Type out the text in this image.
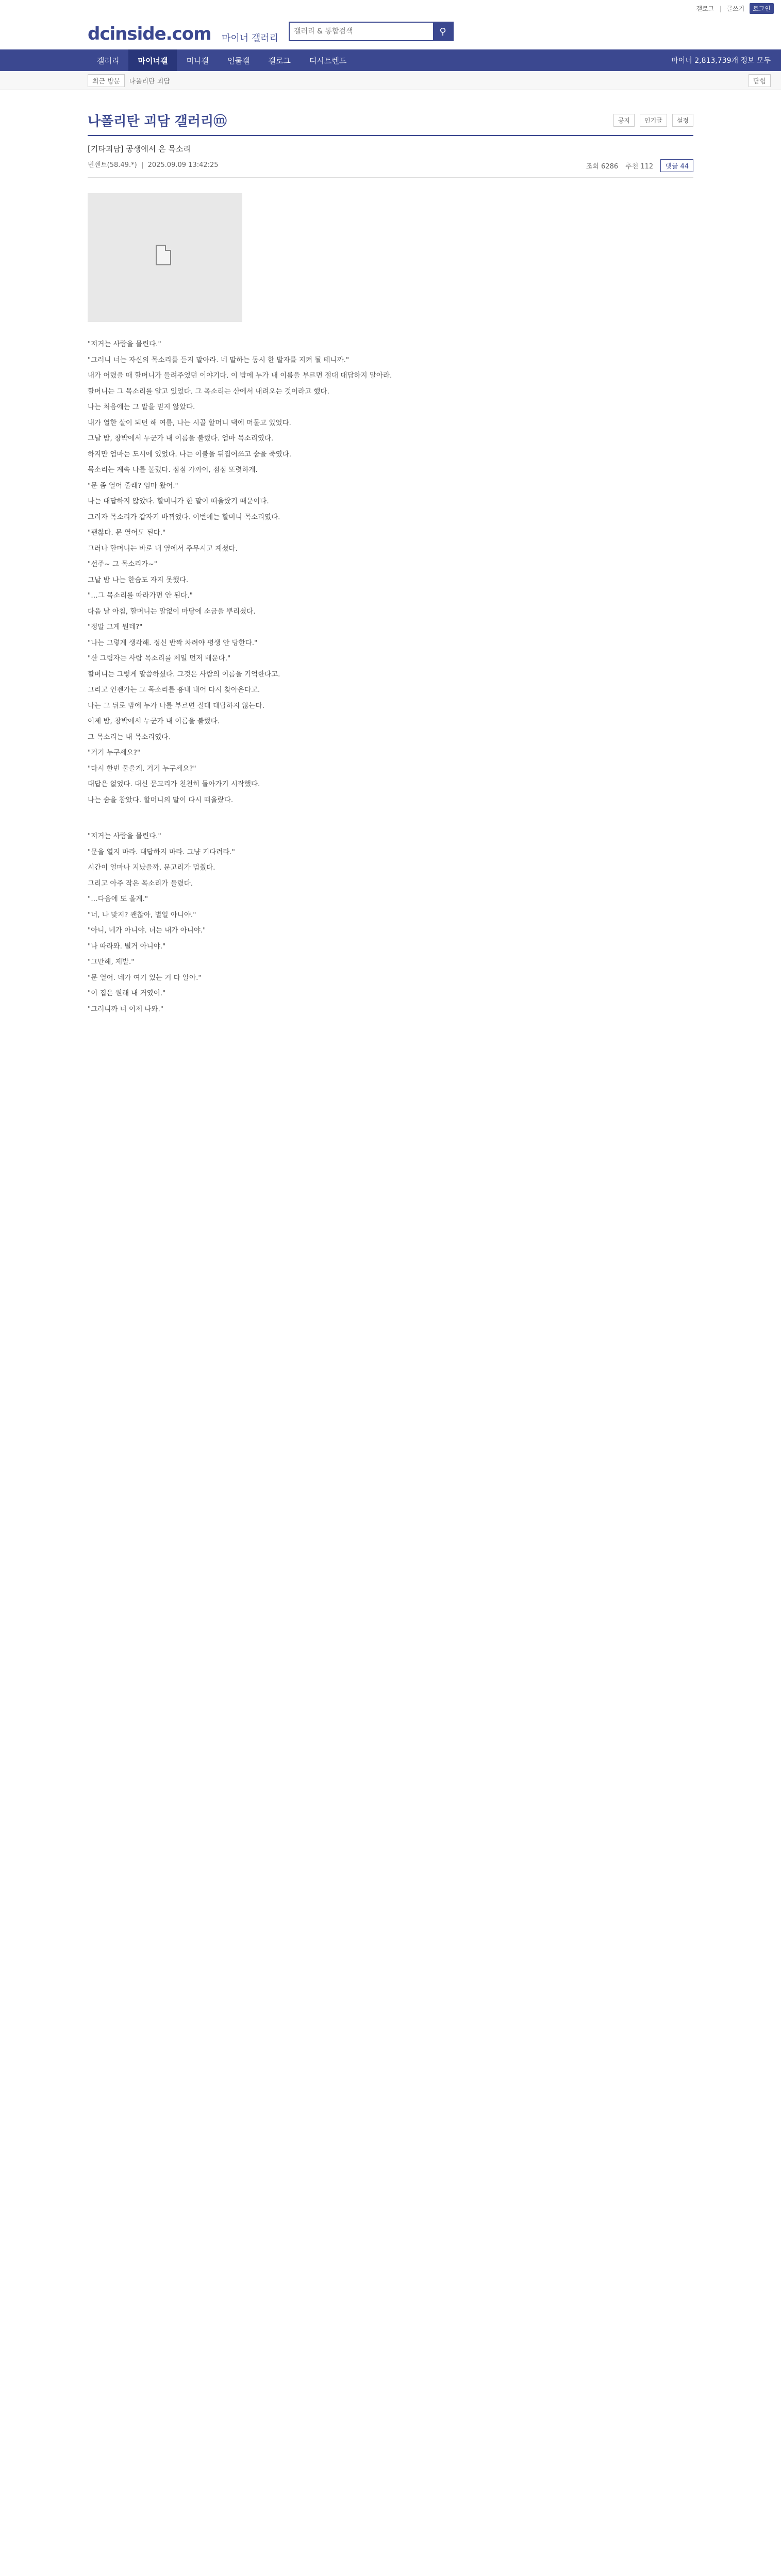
갤로그 | 글쓰기	로그인
dcinside.com 마이너 갤러리
갤러리 & 통합검색
⚲
갤러리	마이너갤	미니갤	인물갤	갤로그	디시트렌드	마이너 2,813,739개 정보 모두
최근 방문	나폴리탄 괴담	닫힘
나폴리탄 괴담 갤러리ⓜ	공지	인기글	설정
[기타괴담] 공생에서 온 목소리
빈센트(58.49.*)  |  2025.09.09 13:42:25	조회 6286 추천 112	댓글 44

"저거는 사람을 물린다."

"그러니 너는 자신의 목소리를 듣지 말아라. 네 말하는 동시 한 발자를 지켜 될 테니까."

내가 어렸을 때 할머니가 들려주었던 이야기다. 이 밤에 누가 내 이름을 부르면 절대 대답하지 말아라.

할머니는 그 목소리를 알고 있었다. 그 목소리는 산에서 내려오는 것이라고 했다.

나는 처음에는 그 말을 믿지 않았다.

내가 열한 살이 되던 해 여름, 나는 시골 할머니 댁에 머물고 있었다.

그날 밤, 창밖에서 누군가 내 이름을 불렀다. 엄마 목소리였다.

하지만 엄마는 도시에 있었다. 나는 이불을 뒤집어쓰고 숨을 죽였다.

목소리는 계속 나를 불렀다. 점점 가까이, 점점 또렷하게.

"문 좀 열어 줄래? 엄마 왔어."

나는 대답하지 않았다. 할머니가 한 말이 떠올랐기 때문이다.

그러자 목소리가 갑자기 바뀌었다. 이번에는 할머니 목소리였다.

"괜찮다. 문 열어도 된다."

그러나 할머니는 바로 내 옆에서 주무시고 계셨다.

"선주~ 그 목소리가~"

그날 밤 나는 한숨도 자지 못했다.

"…그 목소리를 따라가면 안 된다."

다음 날 아침, 할머니는 말없이 마당에 소금을 뿌리셨다.

"정말 그게 뭔데?"

"나는 그렇게 생각해. 정신 반짝 차려야 평생 안 당한다."

"산 그림자는 사람 목소리를 제일 먼저 배운다."

할머니는 그렇게 말씀하셨다. 그것은 사람의 이름을 기억한다고.

그리고 언젠가는 그 목소리를 흉내 내어 다시 찾아온다고.

나는 그 뒤로 밤에 누가 나를 부르면 절대 대답하지 않는다.

어제 밤, 창밖에서 누군가 내 이름을 불렀다.

그 목소리는 내 목소리였다.

"거기 누구세요?"

"다시 한번 물을게. 거기 누구세요?"

대답은 없었다. 대신 문고리가 천천히 돌아가기 시작했다.

나는 숨을 참았다. 할머니의 말이 다시 떠올랐다.

"저거는 사람을 물린다."

"문을 열지 마라. 대답하지 마라. 그냥 기다려라."

시간이 얼마나 지났을까. 문고리가 멈췄다.

그리고 아주 작은 목소리가 들렸다.

"…다음에 또 올게."

"너, 나 맞지? 괜찮아, 별일 아니야."

"아니, 네가 아니야. 너는 내가 아니야."

"나 따라와. 별거 아니야."

"그만해, 제발."

"문 열어. 네가 여기 있는 거 다 알아."

"이 집은 원래 내 거였어."

"그러니까 너 이제 나와."
